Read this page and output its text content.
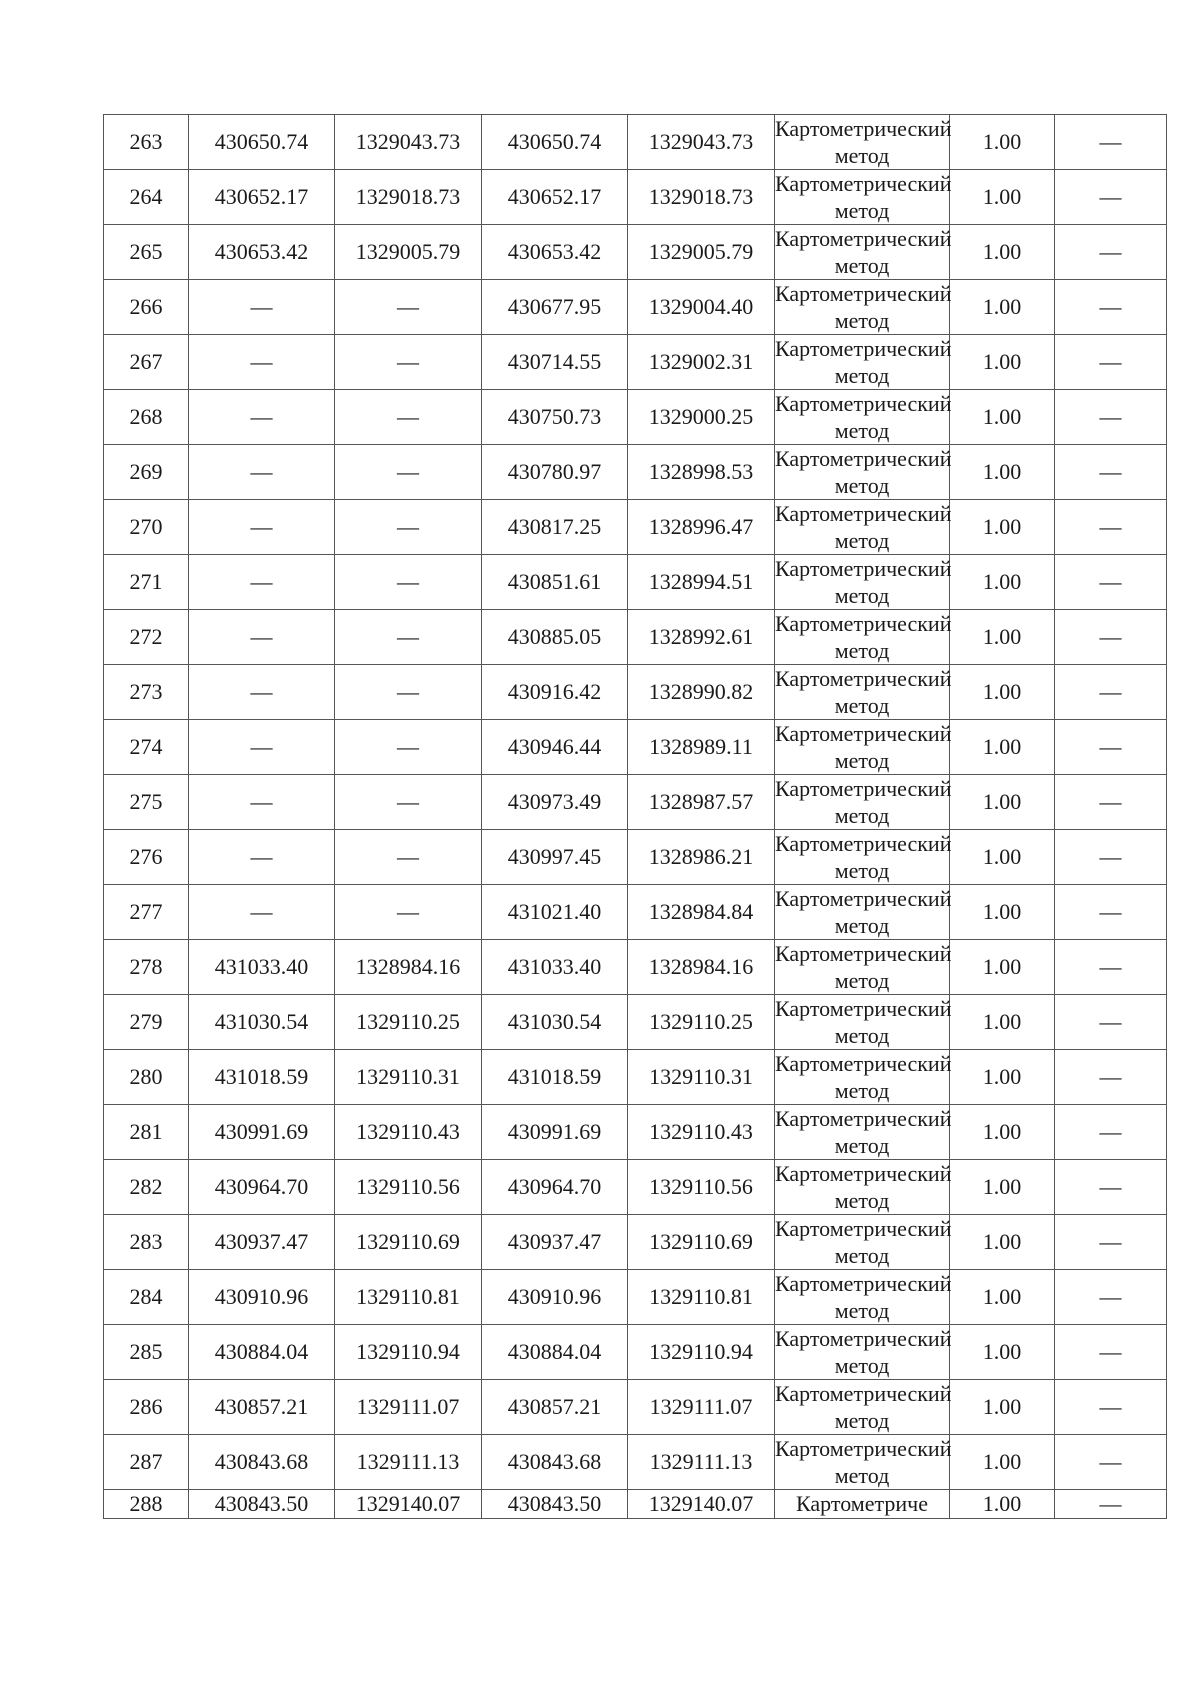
263	430650.74	1329043.73	430650.74	1329043.73	Картометрический метод	1.00	—
264	430652.17	1329018.73	430652.17	1329018.73	Картометрический метод	1.00	—
265	430653.42	1329005.79	430653.42	1329005.79	Картометрический метод	1.00	—
266	—	—	430677.95	1329004.40	Картометрический метод	1.00	—
267	—	—	430714.55	1329002.31	Картометрический метод	1.00	—
268	—	—	430750.73	1329000.25	Картометрический метод	1.00	—
269	—	—	430780.97	1328998.53	Картометрический метод	1.00	—
270	—	—	430817.25	1328996.47	Картометрический метод	1.00	—
271	—	—	430851.61	1328994.51	Картометрический метод	1.00	—
272	—	—	430885.05	1328992.61	Картометрический метод	1.00	—
273	—	—	430916.42	1328990.82	Картометрический метод	1.00	—
274	—	—	430946.44	1328989.11	Картометрический метод	1.00	—
275	—	—	430973.49	1328987.57	Картометрический метод	1.00	—
276	—	—	430997.45	1328986.21	Картометрический метод	1.00	—
277	—	—	431021.40	1328984.84	Картометрический метод	1.00	—
278	431033.40	1328984.16	431033.40	1328984.16	Картометрический метод	1.00	—
279	431030.54	1329110.25	431030.54	1329110.25	Картометрический метод	1.00	—
280	431018.59	1329110.31	431018.59	1329110.31	Картометрический метод	1.00	—
281	430991.69	1329110.43	430991.69	1329110.43	Картометрический метод	1.00	—
282	430964.70	1329110.56	430964.70	1329110.56	Картометрический метод	1.00	—
283	430937.47	1329110.69	430937.47	1329110.69	Картометрический метод	1.00	—
284	430910.96	1329110.81	430910.96	1329110.81	Картометрический метод	1.00	—
285	430884.04	1329110.94	430884.04	1329110.94	Картометрический метод	1.00	—
286	430857.21	1329111.07	430857.21	1329111.07	Картометрический метод	1.00	—
287	430843.68	1329111.13	430843.68	1329111.13	Картометрический метод	1.00	—
288	430843.50	1329140.07	430843.50	1329140.07	Картометриче	1.00	—
